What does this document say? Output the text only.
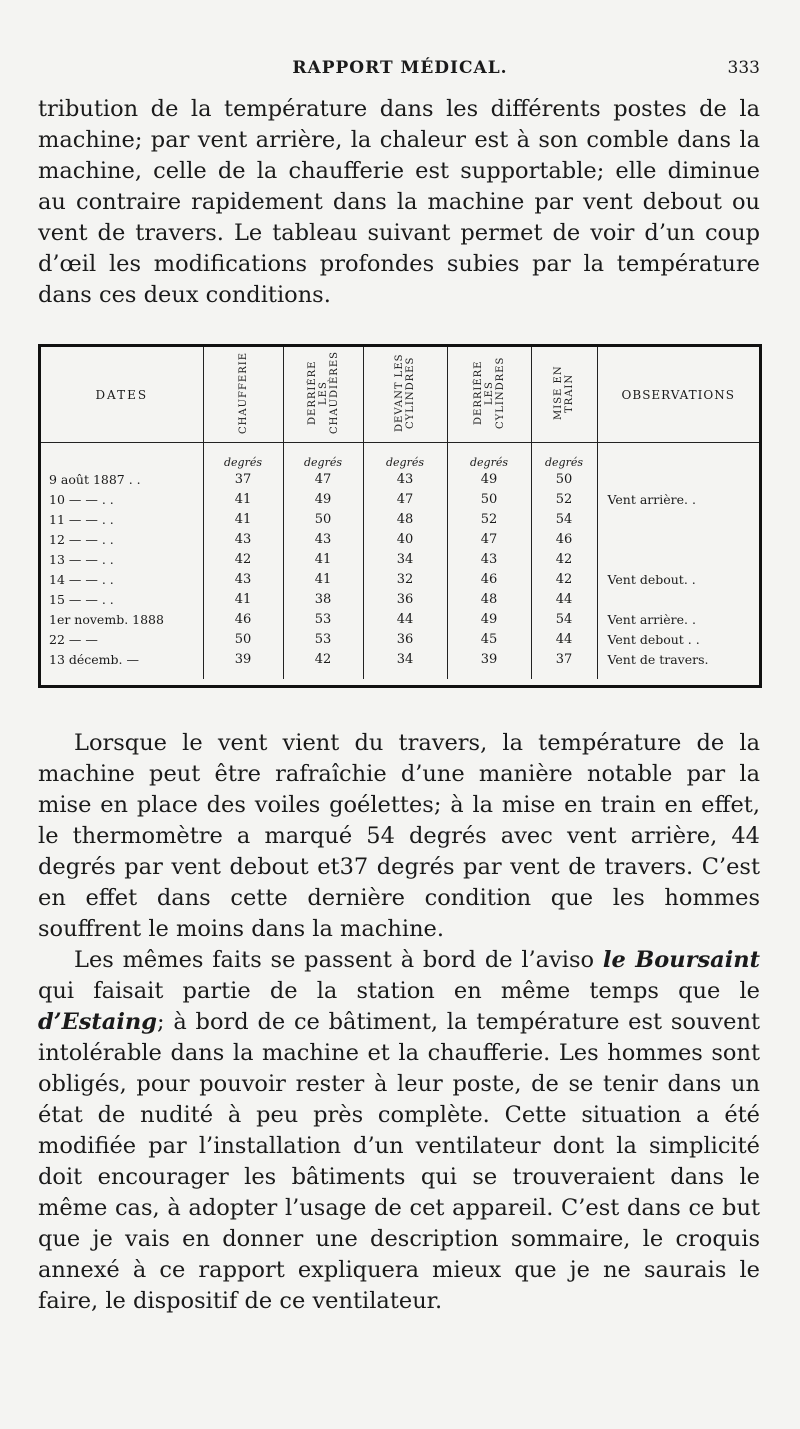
RAPPORT MÉDICAL.	333

tribution de la température dans les différents postes de la machine; par vent arrière, la chaleur est à son comble dans la machine, celle de la chaufferie est supportable; elle diminue au contraire rapidement dans la machine par vent debout ou vent de travers. Le tableau suivant permet de voir d’un coup d’œil les modifications profondes subies par la température dans ces deux conditions.

DATES	CHAUFFERIE	DERRIÈRE LES CHAUDIÈRES	DEVANT LES CYLINDRES	DERRIÈRE LES CYLINDRES	MISE EN TRAIN	OBSERVATIONS
	degrés	degrés	degrés	degrés	degrés	
9 août 1887 . .	37	47	43	49	50	
10 — — . .	41	49	47	50	52	Vent arrière. .
11 — — . .	41	50	48	52	54	
12 — — . .	43	43	40	47	46	
13 — — . .	42	41	34	43	42	
14 — — . .	43	41	32	46	42	Vent debout. .
15 — — . .	41	38	36	48	44	
1er novemb. 1888	46	53	44	49	54	Vent arrière. .
22 — —	50	53	36	45	44	Vent debout . .
13 décemb. —	39	42	34	39	37	Vent de travers.

Lorsque le vent vient du travers, la température de la machine peut être rafraîchie d’une manière notable par la mise en place des voiles goélettes; à la mise en train en effet, le thermomètre a marqué 54 degrés avec vent arrière, 44 degrés par vent debout et37 degrés par vent de travers. C’est en effet dans cette dernière condition que les hommes souffrent le moins dans la machine.

Les mêmes faits se passent à bord de l’aviso le Boursaint qui faisait partie de la station en même temps que le d’Estaing; à bord de ce bâtiment, la température est souvent intolérable dans la machine et la chaufferie. Les hommes sont obligés, pour pouvoir rester à leur poste, de se tenir dans un état de nudité à peu près complète. Cette situation a été modifiée par l’installation d’un ventilateur dont la simplicité doit encourager les bâtiments qui se trouveraient dans le même cas, à adopter l’usage de cet appareil. C’est dans ce but que je vais en donner une description sommaire, le croquis annexé à ce rapport expliquera mieux que je ne saurais le faire, le dispositif de ce ventilateur.
